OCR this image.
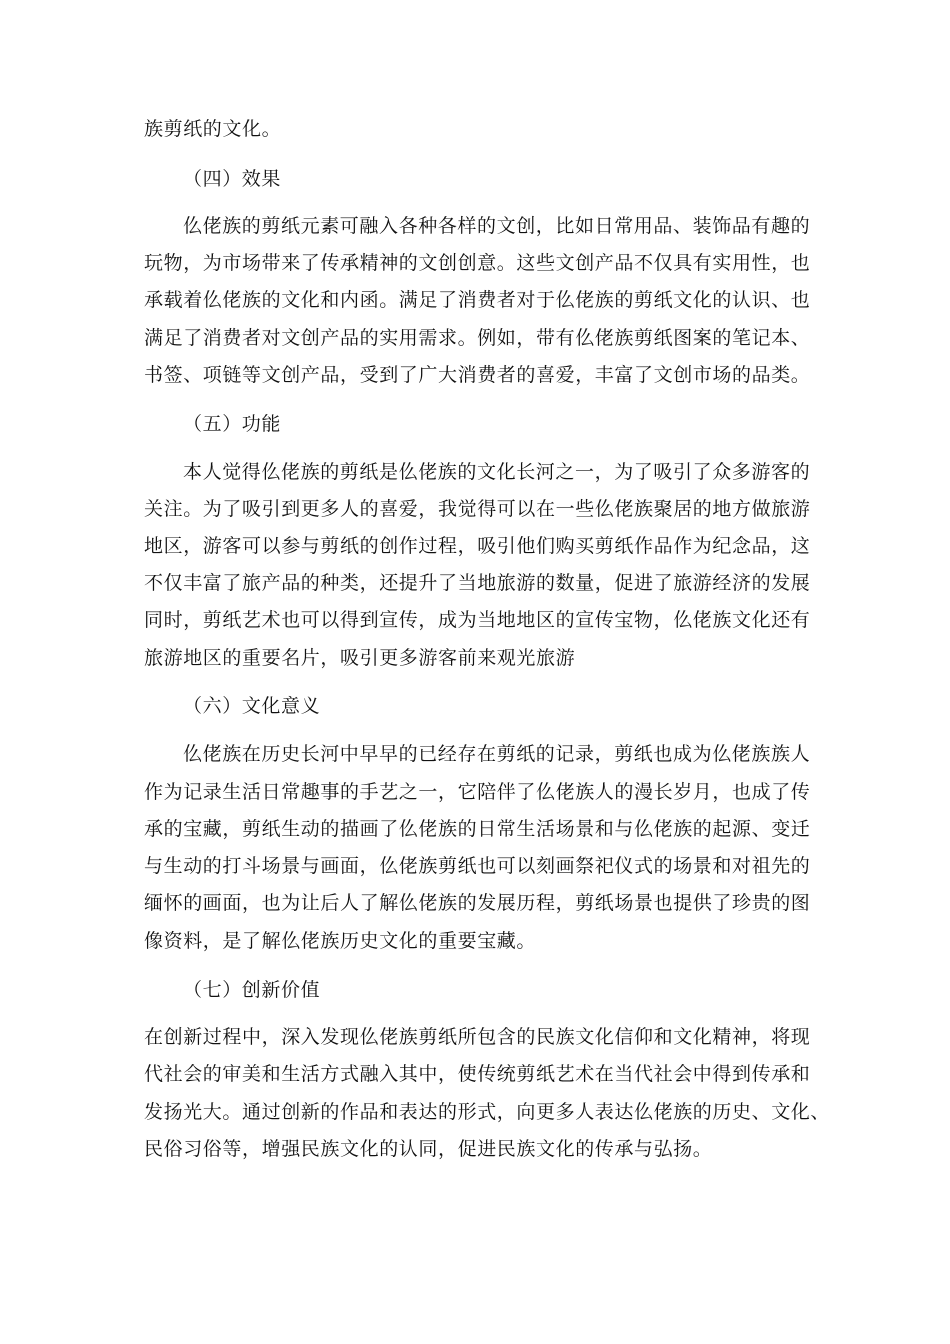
族剪纸的文化。
（四）效果
仫佬族的剪纸元素可融入各种各样的文创，比如日常用品、装饰品有趣的
玩物，为市场带来了传承精神的文创创意。这些文创产品不仅具有实用性，也
承载着仫佬族的文化和内函。满足了消费者对于仫佬族的剪纸文化的认识、也
满足了消费者对文创产品的实用需求。例如，带有仫佬族剪纸图案的笔记本、
书签、项链等文创产品，受到了广大消费者的喜爱，丰富了文创市场的品类。
（五）功能
本人觉得仫佬族的剪纸是仫佬族的文化长河之一，为了吸引了众多游客的
关注。为了吸引到更多人的喜爱，我觉得可以在一些仫佬族聚居的地方做旅游
地区，游客可以参与剪纸的创作过程，吸引他们购买剪纸作品作为纪念品，这
不仅丰富了旅产品的种类，还提升了当地旅游的数量，促进了旅游经济的发展
同时，剪纸艺术也可以得到宣传，成为当地地区的宣传宝物，仫佬族文化还有
旅游地区的重要名片，吸引更多游客前来观光旅游
（六）文化意义
仫佬族在历史长河中早早的已经存在剪纸的记录，剪纸也成为仫佬族族人
作为记录生活日常趣事的手艺之一，它陪伴了仫佬族人的漫长岁月，也成了传
承的宝藏，剪纸生动的描画了仫佬族的日常生活场景和与仫佬族的起源、变迁
与生动的打斗场景与画面，仫佬族剪纸也可以刻画祭祀仪式的场景和对祖先的
缅怀的画面，也为让后人了解仫佬族的发展历程，剪纸场景也提供了珍贵的图
像资料，是了解仫佬族历史文化的重要宝藏。
（七）创新价值
在创新过程中，深入发现仫佬族剪纸所包含的民族文化信仰和文化精神，将现
代社会的审美和生活方式融入其中，使传统剪纸艺术在当代社会中得到传承和
发扬光大。通过创新的作品和表达的形式，向更多人表达仫佬族的历史、文化、
民俗习俗等，增强民族文化的认同，促进民族文化的传承与弘扬。
